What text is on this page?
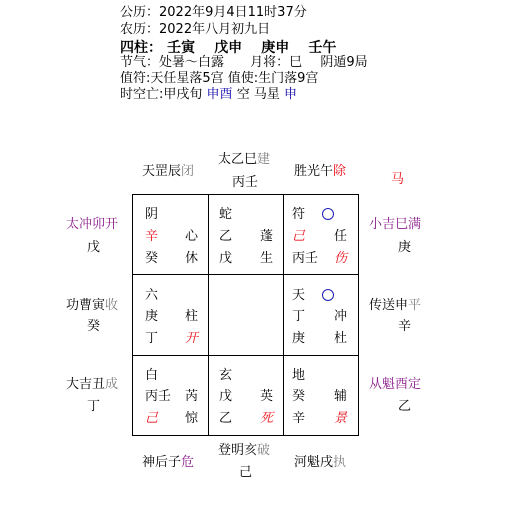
公历：2022年9月4日11时37分
农历：2022年八月初九日
四柱： 壬寅 戊申 庚申 壬午
节气：处暑～白露 月将：巳 阴遁9局
值符:天任星落5宫 值使:生门落9宫
时空亡:甲戌旬 申酉 空 马星 申
天罡辰闭
太乙巳建
丙壬
胜光午除
马
太冲卯开
戊
功曹寅收
癸
大吉丑成
丁
小吉巳满
庚
传送申平
辛
从魁酉定
乙
神后子危
登明亥破
己
河魁戌执
阴
辛 心
癸 休
蛇
乙 蓬
戊 生
符
己 任
丙壬 伤
六
庚 柱
丁 开
天
丁 冲
庚 杜
白
丙壬 芮
己 惊
玄
戊 英
乙 死
地
癸 辅
辛 景
